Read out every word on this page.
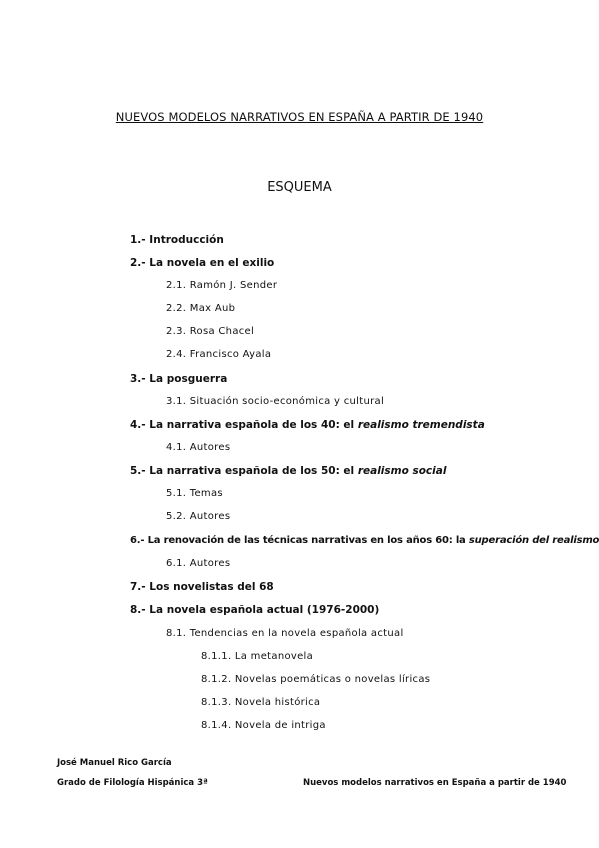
NUEVOS MODELOS NARRATIVOS EN ESPAÑA A PARTIR DE 1940
ESQUEMA
1.- Introducción
2.- La novela en el exilio
2.1. Ramón J. Sender
2.2. Max Aub
2.3. Rosa Chacel
2.4. Francisco Ayala
3.- La posguerra
3.1. Situación socio-económica y cultural
4.- La narrativa española de los 40: el realismo tremendista
4.1. Autores
5.- La narrativa española de los 50: el realismo social
5.1. Temas
5.2. Autores
6.- La renovación de las técnicas narrativas en los años 60: la superación del realismo
6.1. Autores
7.- Los novelistas del 68
8.- La novela española actual (1976-2000)
8.1. Tendencias en la novela española actual
8.1.1. La metanovela
8.1.2. Novelas poemáticas o novelas líricas
8.1.3. Novela histórica
8.1.4. Novela de intriga
José Manuel Rico García
Grado de Filología Hispánica 3ª	Nuevos modelos narrativos en España a partir de 1940
